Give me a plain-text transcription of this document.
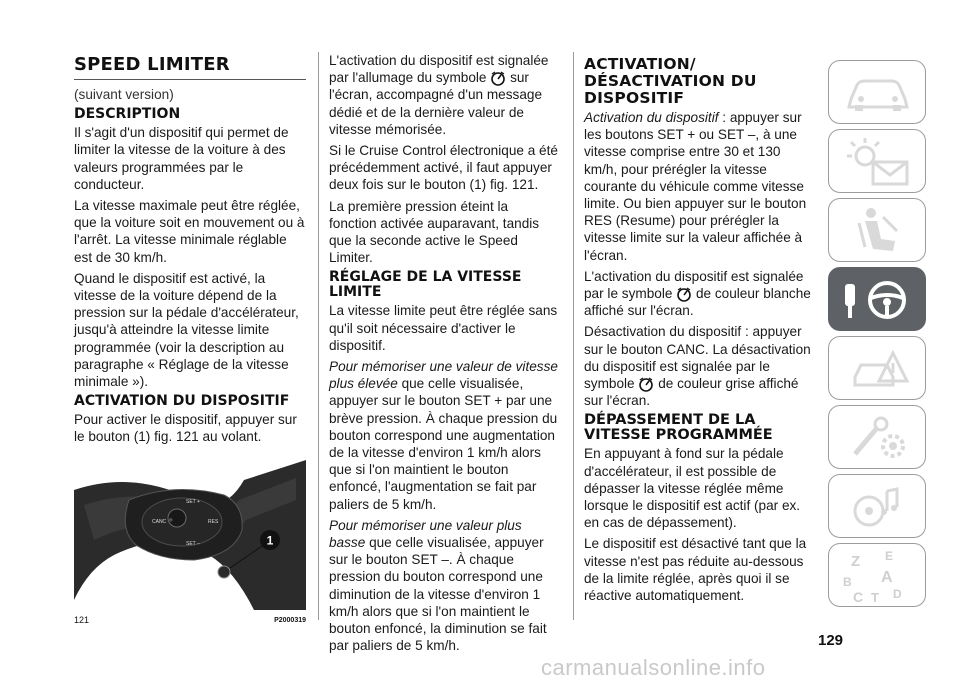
SPEED LIMITER

(suivant version)

DESCRIPTION

Il s'agit d'un dispositif qui permet de limiter la vitesse de la voiture à des valeurs programmées par le conducteur.

La vitesse maximale peut être réglée, que la voiture soit en mouvement ou à l'arrêt. La vitesse minimale réglable est de 30 km/h.

Quand le dispositif est activé, la vitesse de la voiture dépend de la pression sur la pédale d'accélérateur, jusqu'à atteindre la vitesse limite programmée (voir la description au paragraphe « Réglage de la vitesse minimale »).

ACTIVATION DU DISPOSITIF

Pour activer le dispositif, appuyer sur le bouton (1) fig. 121 au volant.

◎
SET +
CANC	RES
SET –	1
121	P2000319

L'activation du dispositif est signalée par l'allumage du symbole sur l'écran, accompagné d'un message dédié et de la dernière valeur de vitesse mémorisée.

Si le Cruise Control électronique a été précédemment activé, il faut appuyer deux fois sur le bouton (1) fig. 121.

La première pression éteint la fonction activée auparavant, tandis que la seconde active le Speed Limiter.

RÉGLAGE DE LA VITESSE LIMITE

La vitesse limite peut être réglée sans qu'il soit nécessaire d'activer le dispositif.

Pour mémoriser une valeur de vitesse plus élevée que celle visualisée, appuyer sur le bouton SET + par une brève pression. À chaque pression du bouton correspond une augmentation de la vitesse d'environ 1 km/h alors que si l'on maintient le bouton enfoncé, l'augmentation se fait par paliers de 5 km/h.

Pour mémoriser une valeur plus basse que celle visualisée, appuyer sur le bouton SET –. À chaque pression du bouton correspond une diminution de la vitesse d'environ 1 km/h alors que si l'on maintient le bouton enfoncé, la diminution se fait par paliers de 5 km/h.

ACTIVATION/ DÉSACTIVATION DU DISPOSITIF

Activation du dispositif : appuyer sur les boutons SET + ou SET –, à une vitesse comprise entre 30 et 130 km/h, pour prérégler la vitesse courante du véhicule comme vitesse limite. Ou bien appuyer sur le bouton RES (Resume) pour prérégler la vitesse limite sur la valeur affichée à l'écran.

L'activation du dispositif est signalée par le symbole de couleur blanche affiché sur l'écran.

Désactivation du dispositif : appuyer sur le bouton CANC. La désactivation du dispositif est signalée par le symbole de couleur grise affiché sur l'écran.

DÉPASSEMENT DE LA VITESSE PROGRAMMÉE

En appuyant à fond sur la pédale d'accélérateur, il est possible de dépasser la vitesse réglée même lorsque le dispositif est actif (par ex. en cas de dépassement).

Le dispositif est désactivé tant que la vitesse n'est pas réduite au-dessous de la limite réglée, après quoi il se réactive automatiquement.

Z E
B A
C T D
129
carmanualsonline.info
